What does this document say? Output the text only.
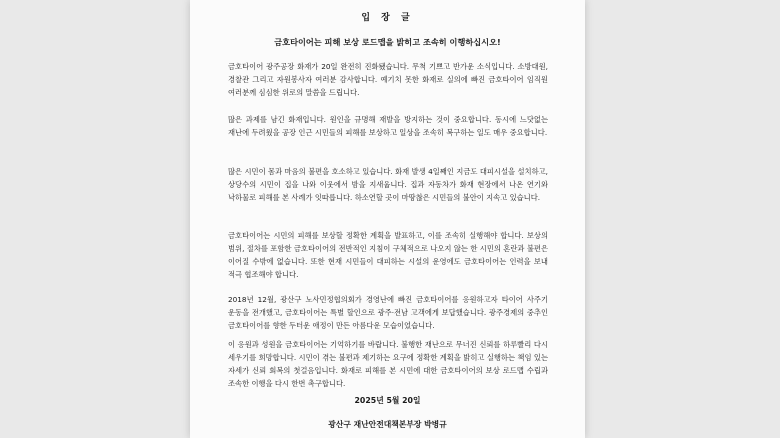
입 장 글
금호타이어는 피해 보상 로드맵을 밝히고 조속히 이행하십시오!
금호타이어 광주공장 화재가 20일 완전히 진화됐습니다. 무척 기쁘고 반가운 소식입니다. 소방대원, 경찰관 그리고 자원봉사자 여러분 감사합니다. 예기치 못한 화재로 실의에 빠진 금호타이어 임직원 여러분께 심심한 위로의 말씀을 드립니다.
많은 과제를 남긴 화재입니다. 원인을 규명해 재발을 방지하는 것이 중요합니다. 동시에 느닷없는 재난에 두려웠을 공장 인근 시민들의 피해를 보상하고 일상을 조속히 복구하는 일도 매우 중요합니다.
많은 시민이 몸과 마음의 불편을 호소하고 있습니다. 화재 발생 4일째인 지금도 대피시설을 설치하고, 상당수의 시민이 집을 나와 이웃에서 밤을 지새웁니다. 집과 자동차가 화재 현장에서 나온 연기와 낙하물로 피해를 본 사례가 잇따릅니다. 하소연할 곳이 마땅찮은 시민들의 불안이 지속고 있습니다.
금호타이어는 시민의 피해를 보상할 정확한 계획을 발표하고, 이를 조속히 실행해야 합니다. 보상의 범위, 절차를 포함한 금호타이어의 전반적인 지침이 구체적으로 나오지 않는 한 시민의 혼란과 불편은 이어질 수밖에 없습니다. 또한 현재 시민들이 대피하는 시설의 운영에도 금호타이어는 인력을 보내 적극 협조해야 합니다.
2018년 12월, 광산구 노사민정협의회가 경영난에 빠진 금호타이어를 응원하고자 타이어 사주기 운동을 전개했고, 금호타이어는 특별 할인으로 광주·전남 고객에게 보답했습니다. 광주경제의 중추인 금호타이어를 향한 두터운 애정이 만든 아름다운 모습이었습니다.
이 응원과 성원을 금호타이어는 기억하기를 바랍니다. 불행한 재난으로 무너진 신뢰를 하루빨리 다시 세우기를 희망합니다. 시민이 겪는 불편과 제기하는 요구에 정확한 계획을 밝히고 실행하는 책임 있는 자세가 신뢰 회복의 첫걸음입니다. 화재로 피해를 본 시민에 대한 금호타이어의 보상 로드맵 수립과 조속한 이행을 다시 한번 촉구합니다.
2025년 5월 20일
광산구 재난안전대책본부장 박병규
